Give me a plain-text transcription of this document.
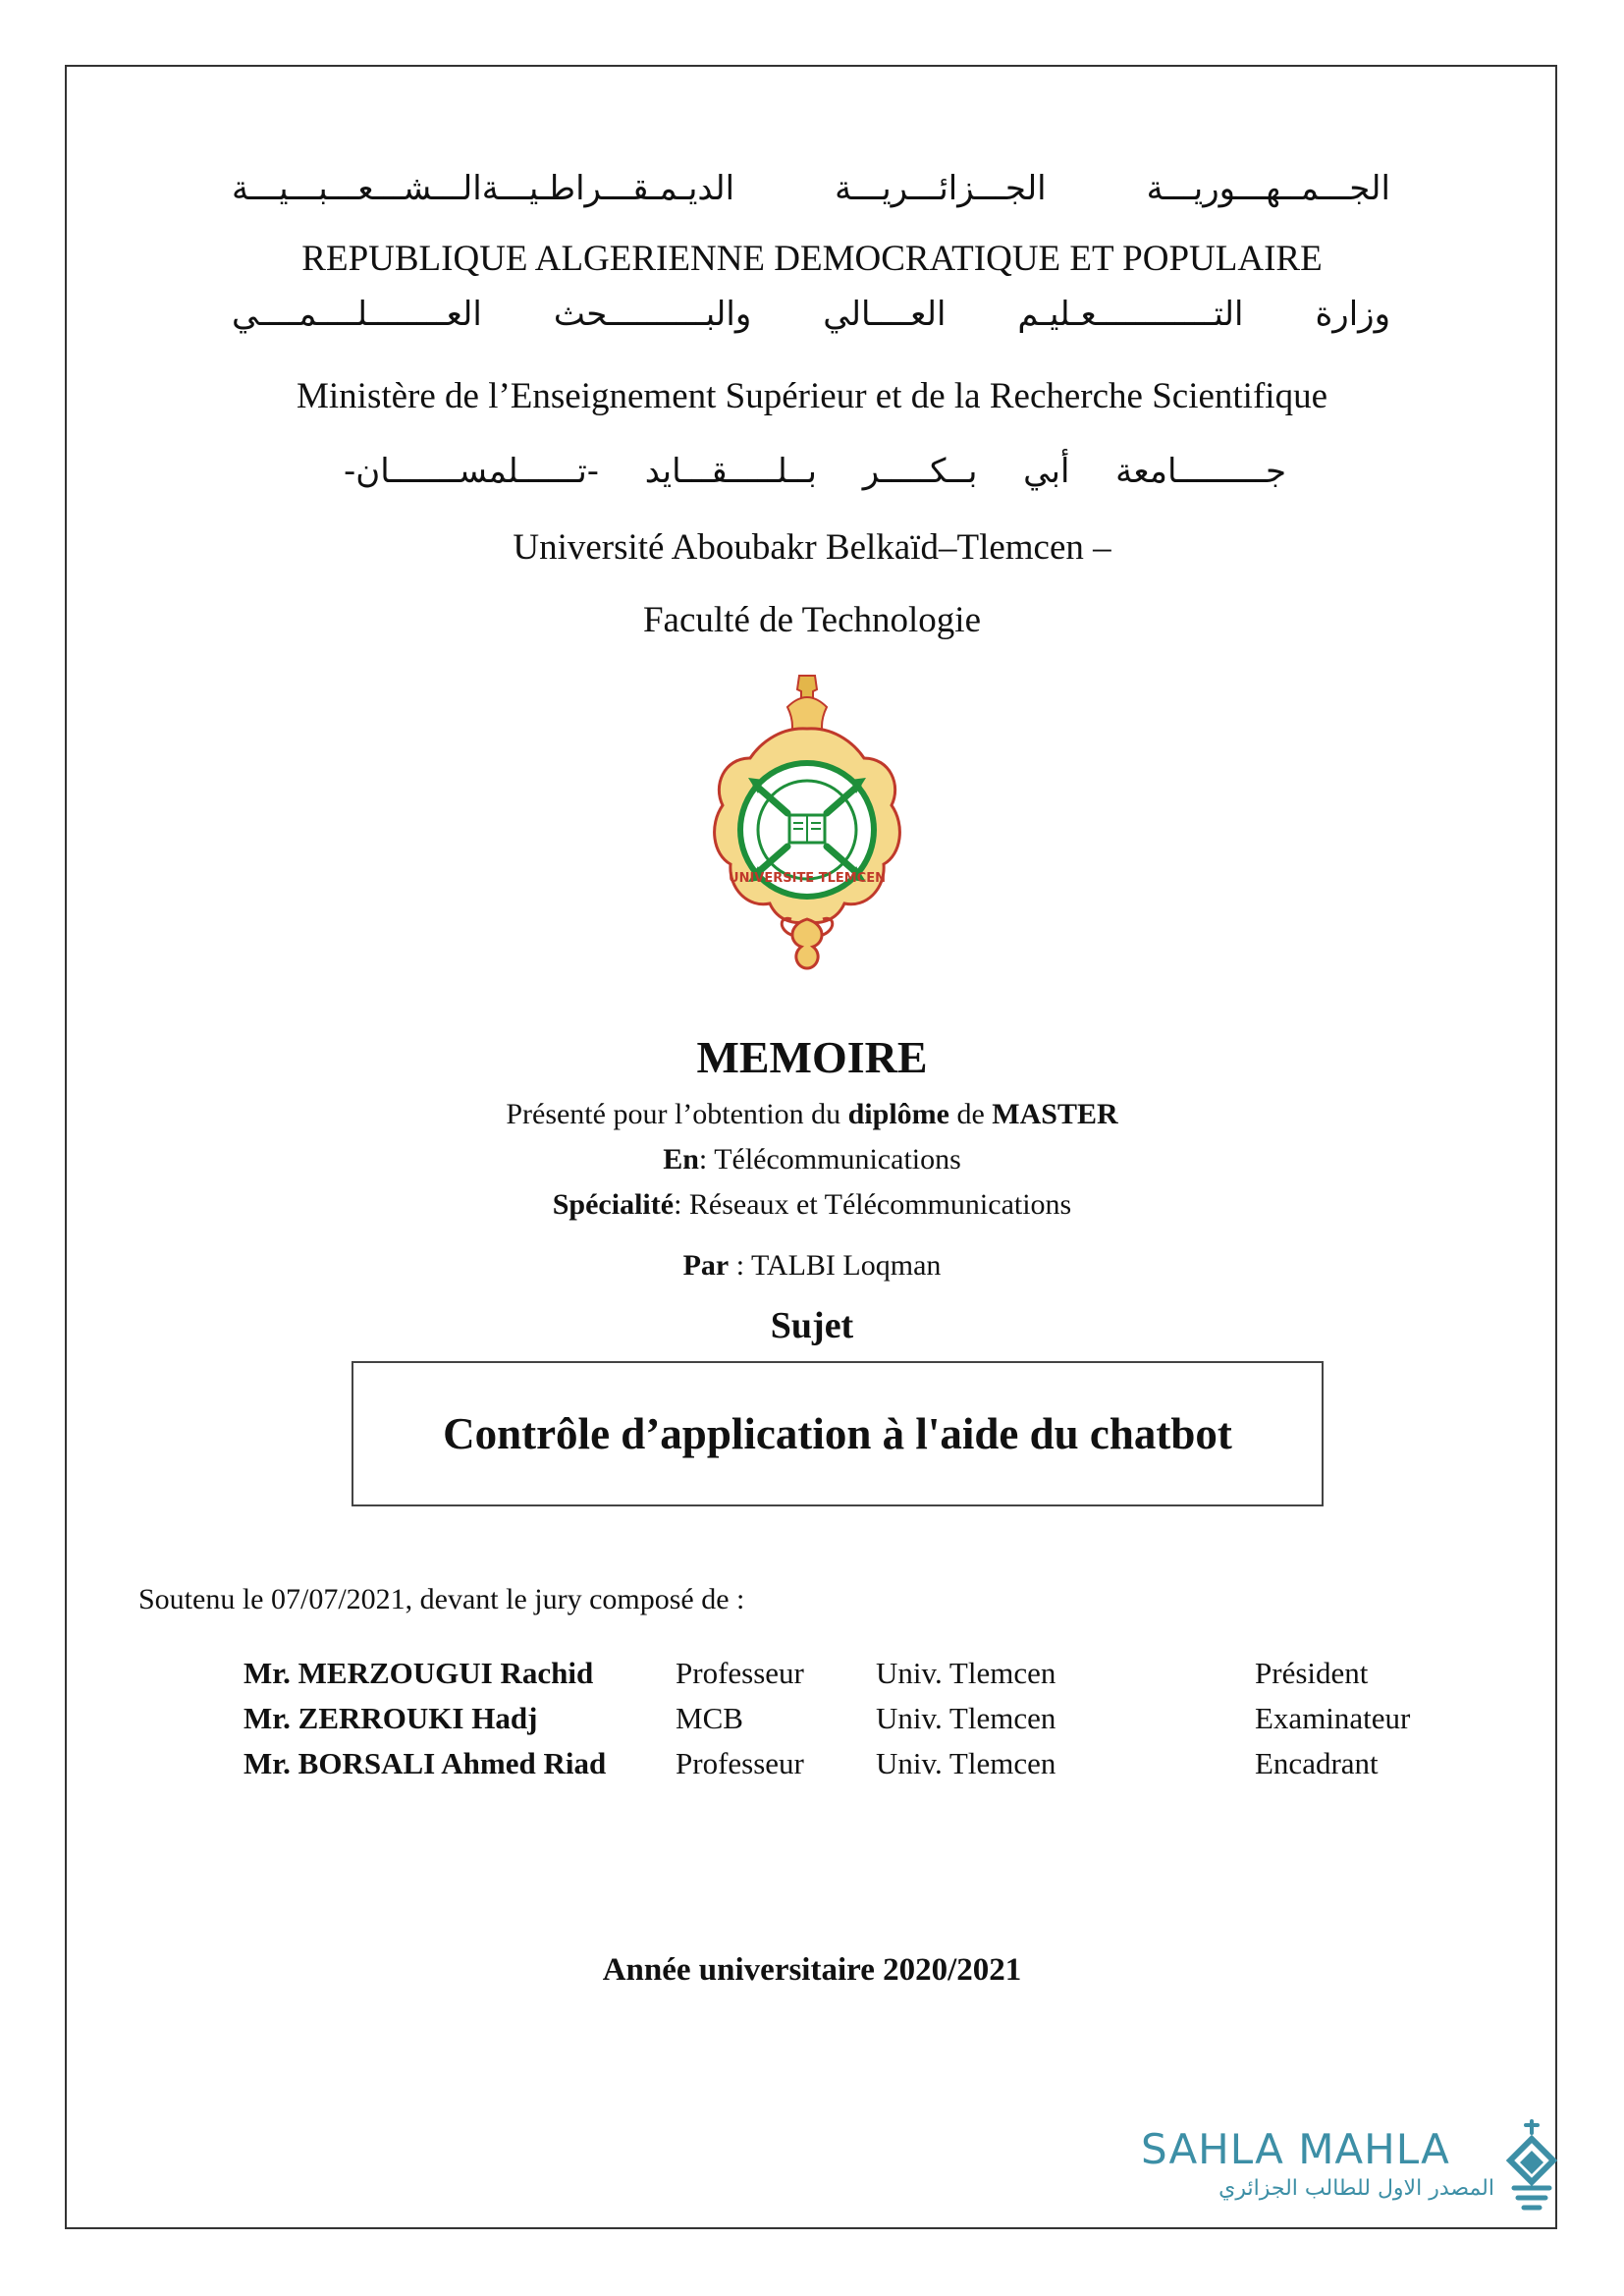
الجـــمــهـــوريـــة الجـــزائـــريـــة الديـمـقـــراطـيـــةالـــشـــعـــبـــيـــة
REPUBLIQUE ALGERIENNE DEMOCRATIQUE ET POPULAIRE
وزارة التــــــــــــعـليـم العــــالي والبــــــــــحث العــــــــلــــمــــي
Ministère de l’Enseignement Supérieur et de la Recherche Scientifique
جـــــــــامعة أبي بــكـــــر بــلـــــقـــايد -تــــــلمســـــــان-
Université Aboubakr Belkaïd–Tlemcen –
Faculté de Technologie
UNIVERSITE TLEMCEN
MEMOIRE
Présenté pour l’obtention du diplôme de MASTER
En: Télécommunications
Spécialité: Réseaux et Télécommunications
Par : TALBI Loqman
Sujet
Contrôle d’application à l'aide du chatbot
Soutenu le 07/07/2021, devant le jury composé de :
Mr. MERZOUGUI Rachid	Professeur Univ. Tlemcen	Président
Mr. ZERROUKI Hadj	MCB	Univ. Tlemcen	Examinateur
Mr. BORSALI Ahmed Riad Professeur Univ. Tlemcen	Encadrant
Année universitaire 2020/2021
SAHLA MAHLA
المصدر الاول للطالب الجزائري
